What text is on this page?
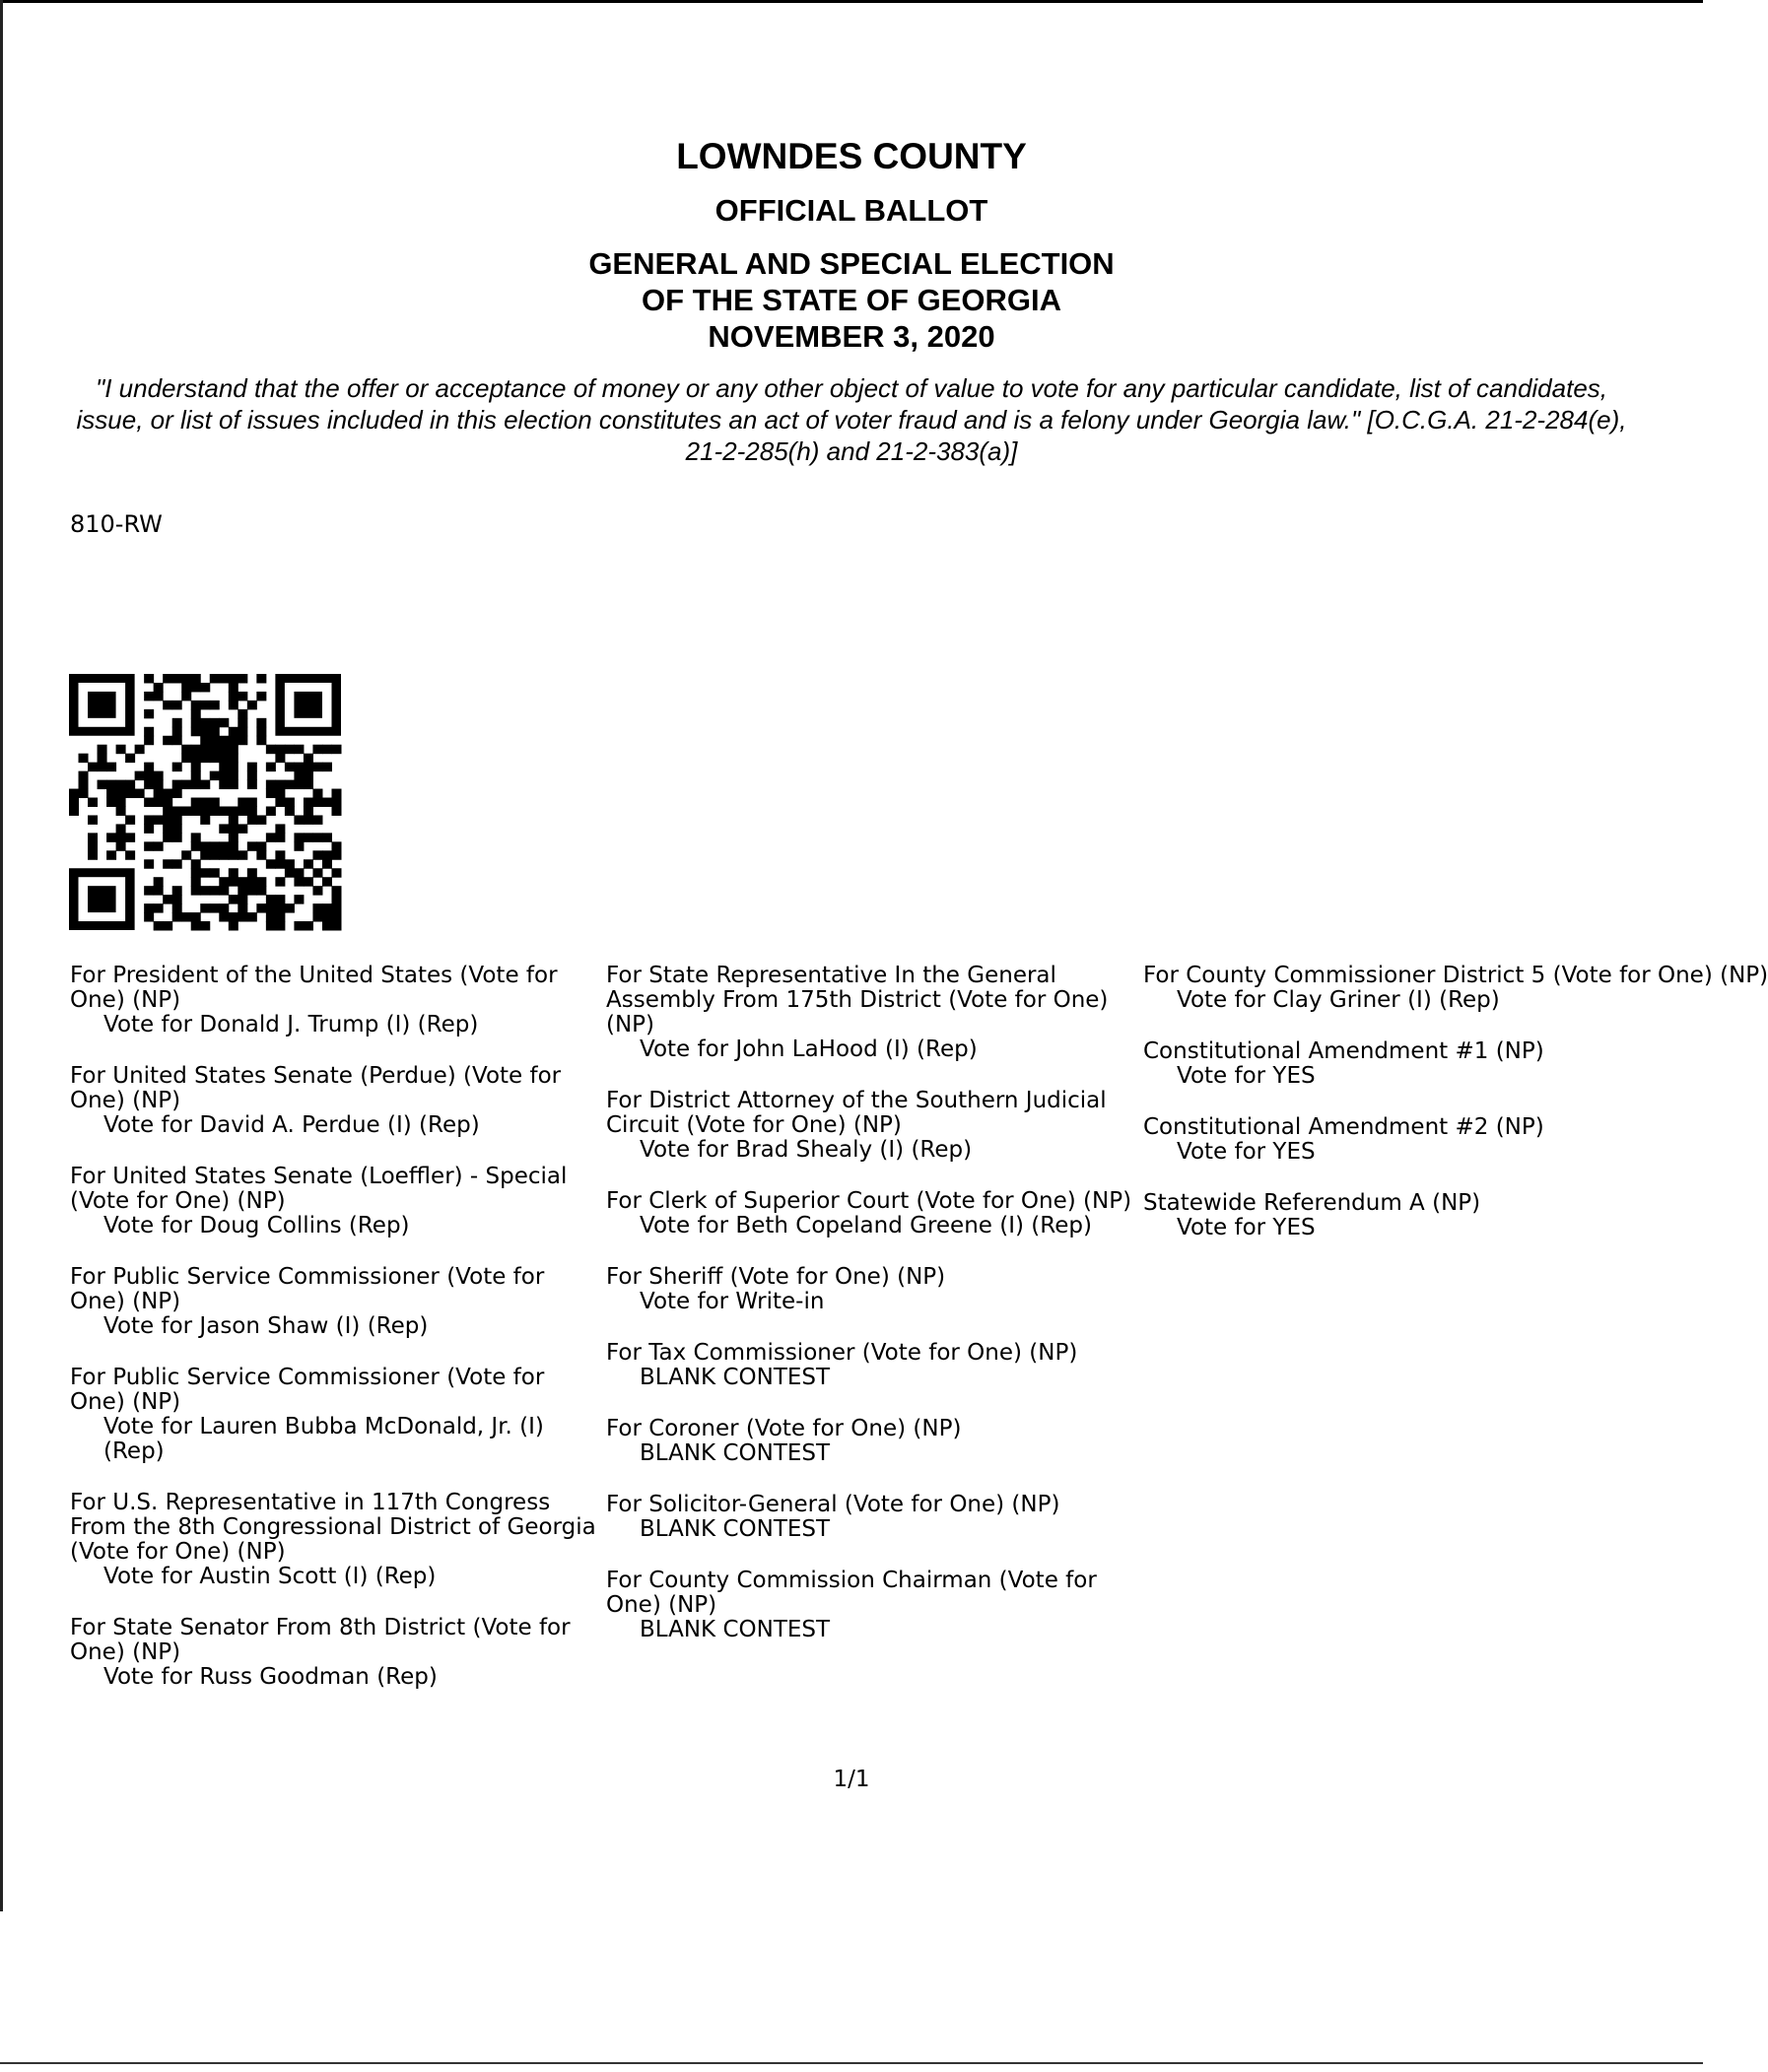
LOWNDES COUNTY
OFFICIAL BALLOT
GENERAL AND SPECIAL ELECTION
OF THE STATE OF GEORGIA
NOVEMBER 3, 2020
"I understand that the offer or acceptance of money or any other object of value to vote for any particular candidate, list of candidates, issue, or list of issues included in this election constitutes an act of voter fraud and is a felony under Georgia law." [O.C.G.A. 21-2-284(e), 21-2-285(h) and 21-2-383(a)]
810-RW
For President of the United States (Vote for One) (NP)
Vote for Donald J. Trump (I) (Rep)
For United States Senate (Perdue) (Vote for One) (NP)
Vote for David A. Perdue (I) (Rep)
For United States Senate (Loeffler) - Special (Vote for One) (NP)
Vote for Doug Collins (Rep)
For Public Service Commissioner (Vote for One) (NP)
Vote for Jason Shaw (I) (Rep)
For Public Service Commissioner (Vote for One) (NP)
Vote for Lauren Bubba McDonald, Jr. (I) (Rep)
For U.S. Representative in 117th Congress From the 8th Congressional District of Georgia (Vote for One) (NP)
Vote for Austin Scott (I) (Rep)
For State Senator From 8th District (Vote for One) (NP)
Vote for Russ Goodman (Rep)
For State Representative In the General Assembly From 175th District (Vote for One) (NP)
Vote for John LaHood (I) (Rep)
For District Attorney of the Southern Judicial Circuit (Vote for One) (NP)
Vote for Brad Shealy (I) (Rep)
For Clerk of Superior Court (Vote for One) (NP)
Vote for Beth Copeland Greene (I) (Rep)
For Sheriff (Vote for One) (NP)
Vote for Write-in
For Tax Commissioner (Vote for One) (NP)
BLANK CONTEST
For Coroner (Vote for One) (NP)
BLANK CONTEST
For Solicitor-General (Vote for One) (NP)
BLANK CONTEST
For County Commission Chairman (Vote for One) (NP)
BLANK CONTEST
For County Commissioner District 5 (Vote for One) (NP)
Vote for Clay Griner (I) (Rep)
Constitutional Amendment #1 (NP)
Vote for YES
Constitutional Amendment #2 (NP)
Vote for YES
Statewide Referendum A (NP)
Vote for YES
1/1
